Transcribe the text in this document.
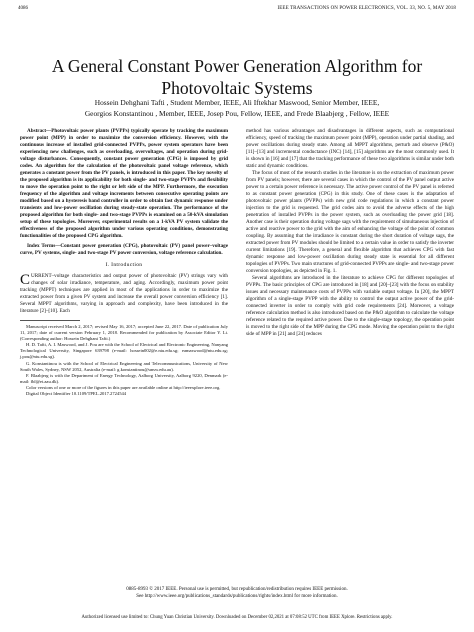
4086	IEEE TRANSACTIONS ON POWER ELECTRONICS, VOL. 33, NO. 5, MAY 2018
A General Constant Power Generation Algorithm for
Photovoltaic Systems
Hossein Dehghani Tafti , Student Member, IEEE, Ali Iftekhar Maswood, Senior Member, IEEE,
Georgios Konstantinou , Member, IEEE, Josep Pou, Fellow, IEEE, and Frede Blaabjerg , Fellow, IEEE

Abstract—Photovoltaic power plants (PVPPs) typically operate by tracking the maximum power point (MPP) in order to maximize the conversion efficiency. However, with the continuous increase of installed grid-connected PVPPs, power system operators have been experiencing new challenges, such as overloading, overvoltages, and operation during grid-voltage disturbances. Consequently, constant power generation (CPG) is imposed by grid codes. An algorithm for the calculation of the photovoltaic panel voltage reference, which generates a constant power from the PV panels, is introduced in this paper. The key novelty of the proposed algorithm is its applicability for both single- and two-stage PVPPs and flexibility to move the operation point to the right or left side of the MPP. Furthermore, the execution frequency of the algorithm and voltage increments between consecutive operating points are modified based on a hysteresis band controller in order to obtain fast dynamic response under transients and low-power oscillation during steady-state operation. The performance of the proposed algorithm for both single- and two-stage PVPPs is examined on a 50-kVA simulation setup of these topologies. Moreover, experimental results on a 1-kVA PV system validate the effectiveness of the proposed algorithm under various operating conditions, demonstrating functionalities of the proposed CPG algorithm.

Index Terms—Constant power generation (CPG), photovoltaic (PV) panel power–voltage curve, PV systems, single- and two-stage PV power conversion, voltage reference calculation.

I. Introduction

CURRENT–voltage characteristics and output power of photovoltaic (PV) strings vary with changes of solar irradiance, temperature, and aging. Accordingly, maximum power point tracking (MPPT) techniques are applied in most of the applications in order to maximize the extracted power from a given PV system and increase the overall power conversion efficiency [1]. Several MPPT algorithms, varying in approach and complexity, have been introduced in the literature [2]–[10]. Each

Manuscript received March 2, 2017; revised May 16, 2017; accepted June 22, 2017. Date of publication July 11, 2017; date of current version February 1, 2018. Recommended for publication by Associate Editor Y. Li. (Corresponding author: Hossein Dehghani Tafti.)

H. D. Tafti, A. I. Maswood, and J. Pou are with the School of Electrical and Electronic Engineering, Nanyang Technological University, Singapore 639798 (e-mail: hossein002@e.ntu.edu.sg; eamaswood@ntu.edu.sg; j.pou@ntu.edu.sg).

G. Konstantinou is with the School of Electrical Engineering and Telecommunications, University of New South Wales, Sydney, NSW 2052, Australia (e-mail: g.konstantinou@unsw.edu.au).

F. Blaabjerg is with the Department of Energy Technology, Aalborg University, Aalborg 9220, Denmark (e-mail: fbl@et.aau.dk).

Color versions of one or more of the figures in this paper are available online at http://ieeexplore.ieee.org.

Digital Object Identifier 10.1109/TPEL.2017.2724544

method has various advantages and disadvantages in different aspects, such as computational efficiency, speed of tracking the maximum power point (MPP), operation under partial shading, and power oscillations during steady state. Among all MPPT algorithms, perturb and observe (P&O) [11]–[13] and incremental conductance (INC) [14], [15] algorithms are the most commonly used. It is shown in [16] and [17] that the tracking performance of these two algorithms is similar under both static and dynamic conditions.

The focus of most of the research studies in the literature is on the extraction of maximum power from PV panels; however, there are several cases in which the control of the PV panel output active power to a certain power reference is necessary. The active power control of the PV panel is referred to as constant power generation (CPG) in this study. One of these cases is the adaptation of photovoltaic power plants (PVPPs) with new grid code regulations in which a constant power injection to the grid is requested. The grid codes aim to avoid the adverse effects of the high penetration of installed PVPPs in the power system, such as overloading the power grid [18]. Another case is their operation during voltage sags with the requirement of simultaneous injection of active and reactive power to the grid with the aim of enhancing the voltage of the point of common coupling. By assuming that the irradiance is constant during the short duration of voltage sags, the extracted power from PV modules should be limited to a certain value in order to satisfy the inverter current limitations [19]. Therefore, a general and flexible algorithm that achieves CPG with fast dynamic response and low-power oscillation during steady state is essential for all different topologies of PVPPs. Two main structures of grid-connected PVPPs are single- and two-stage power conversion topologies, as depicted in Fig. 1.

Several algorithms are introduced in the literature to achieve CPG for different topologies of PVPPs. The basic principles of CPG are introduced in [18] and [20]–[23] with the focus on stability issues and necessary maintenance costs of PVPPs with variable output voltage. In [20], the MPPT algorithm of a single-stage PVPP with the ability to control the output active power of the grid-connected inverter in order to comply with grid code requirements [24]. Moreover, a voltage reference calculation method is also introduced based on the P&O algorithm to calculate the voltage reference related to the required active power. Due to the single-stage topology, the operation point is moved to the right side of the MPP during the CPG mode. Moving the operation point to the right side of MPP in [21] and [24] reduces

0885-8993 © 2017 IEEE. Personal use is permitted, but republication/redistribution requires IEEE permission.
See http://www.ieee.org/publications_standards/publications/rights/index.html for more information.
Authorized licensed use limited to: Chung Yuan Christian University. Downloaded on December 02,2021 at 07:08:52 UTC from IEEE Xplore. Restrictions apply.
